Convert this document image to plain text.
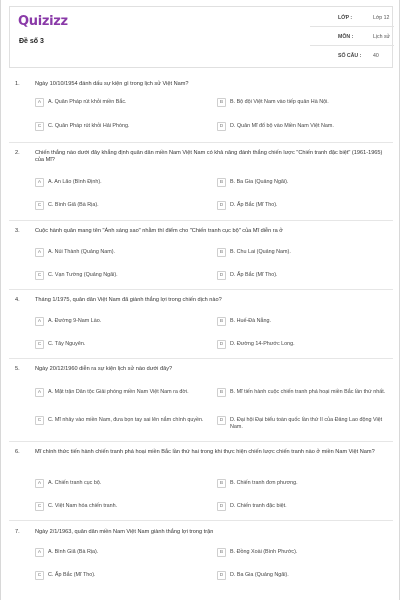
Quizizz
Đề số 3
LỚP :	Lớp 12
MÔN :	Lịch sử
SỐ CÂU : 40
1.	Ngày 10/10/1954 đánh dấu sự kiện gì trong lịch sử Việt Nam?
A	A. Quân Pháp rút khỏi miền Bắc.	B	B. Bộ đội Việt Nam vào tiếp quản Hà Nội.
C	C. Quân Pháp rút khỏi Hải Phòng.	D	D. Quân Mĩ đổ bộ vào Miền Nam Việt Nam.
2.	Chiến thắng nào dưới đây khẳng định quân dân miền Nam Việt Nam có khả năng đánh thắng chiến lược "Chiến tranh đặc biệt" (1961-1965) của Mĩ?
A	A. An Lão (Bình Định).	B	B. Ba Gia (Quảng Ngãi).
C	C. Bình Giã (Bà Rịa).	D	D. Ấp Bắc (Mĩ Tho).
3.	Cuộc hành quân mang tên "Ánh sáng sao" nhằm thí điểm cho "Chiến tranh cục bộ" của Mĩ diễn ra ở
A	A. Núi Thành (Quảng Nam).	B	B. Chu Lai (Quảng Nam).
C	C. Vạn Tường (Quảng Ngãi).	D	D. Ấp Bắc (Mĩ Tho).
4.	Tháng 1/1975, quân dân Việt Nam đã giành thắng lợi trong chiến dịch nào?
A	A. Đường 9-Nam Lào.	B	B. Huế-Đà Nẵng.
C	C. Tây Nguyên.	D	D. Đường 14-Phước Long.
5.	Ngày 20/12/1960 diễn ra sự kiện lịch sử nào dưới đây?
A	A. Mặt trận Dân tộc Giải phóng miền Nam Việt Nam ra đời.	B	B. Mĩ tiến hành cuộc chiến tranh phá hoại miền Bắc lần thứ nhất.
C	C. Mĩ nhảy vào miền Nam, đưa bọn tay sai lên nắm chính quyền.	D	D. Đại hội Đại biểu toàn quốc lần thứ II của Đảng Lao động Việt Nam.
6.	Mĩ chính thức tiến hành chiến tranh phá hoại miền Bắc lần thứ hai trong khi thực hiện chiến lược chiến tranh nào ở miền Nam Việt Nam?
A	A. Chiến tranh cục bộ.	B	B. Chiến tranh đơn phương.
C	C. Việt Nam hóa chiến tranh.	D	D. Chiến tranh đặc biệt.
7.	Ngày 2/1/1963, quân dân miền Nam Việt Nam giành thắng lợi trong trận
A	A. Bình Giã (Bà Rịa).	B	B. Đồng Xoài (Bình Phước).
C	C. Ấp Bắc (Mĩ Tho).	D	D. Ba Gia (Quảng Ngãi).
